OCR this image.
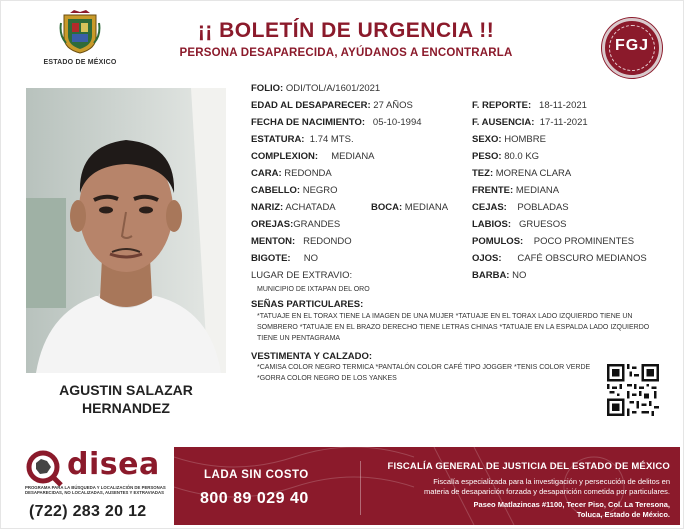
ESTADO DE MÉXICO
¡¡ BOLETÍN DE URGENCIA !!
PERSONA DESAPARECIDA, AYÚDANOS A ENCONTRARLA	FGJ
AGUSTIN SALAZAR
HERNANDEZ
FOLIO: ODI/TOL/A/1601/2021
EDAD AL DESAPARECER: 27 AÑOS	F. REPORTE: 18-11-2021
FECHA DE NACIMIENTO: 05-10-1994	F. AUSENCIA: 17-11-2021
ESTATURA: 1.74 MTS.	SEXO: HOMBRE
COMPLEXION: MEDIANA	PESO: 80.0 KG
CARA: REDONDA	TEZ: MORENA CLARA
CABELLO: NEGRO	FRENTE: MEDIANA
NARIZ: ACHATADA	BOCA: MEDIANA	CEJAS: POBLADAS
OREJAS:GRANDES	LABIOS: GRUESOS
MENTON: REDONDO	POMULOS: POCO PROMINENTES
BIGOTE: NO	OJOS: CAFÉ OBSCURO MEDIANOS
LUGAR DE EXTRAVIO:	BARBA: NO
MUNICIPIO DE IXTAPAN DEL ORO
SEÑAS PARTICULARES:
*TATUAJE EN EL TORAX TIENE LA IMAGEN DE UNA MUJER *TATUAJE EN EL TORAX LADO IZQUIERDO TIENE UN
SOMBRERO *TATUAJE EN EL BRAZO DERECHO TIENE LETRAS CHINAS *TATUAJE EN LA ESPALDA LADO IZQUIERDO
TIENE UN PENTAGRAMA
VESTIMENTA Y CALZADO:
*CAMISA COLOR NEGRO TERMICA *PANTALÓN COLOR CAFÉ TIPO JOGGER *TENIS COLOR VERDE
*GORRA COLOR NEGRO DE LOS YANKES
disea
PROGRAMA PARA LA BÚSQUEDA Y LOCALIZACIÓN DE PERSONAS DESAPARECIDAS, NO LOCALIZADAS, AUSENTES Y EXTRAVIADAS
(722) 283 20 12
LADA SIN COSTO
800 89 029 40
FISCALÍA GENERAL DE JUSTICIA DEL ESTADO DE MÉXICO
Fiscalía especializada para la investigación y persecución de delitos en
materia de desaparición forzada y desaparición cometida por particulares.
Paseo Matlazincas #1100, Tecer Piso, Col. La Teresona,
Toluca, Estado de México.
